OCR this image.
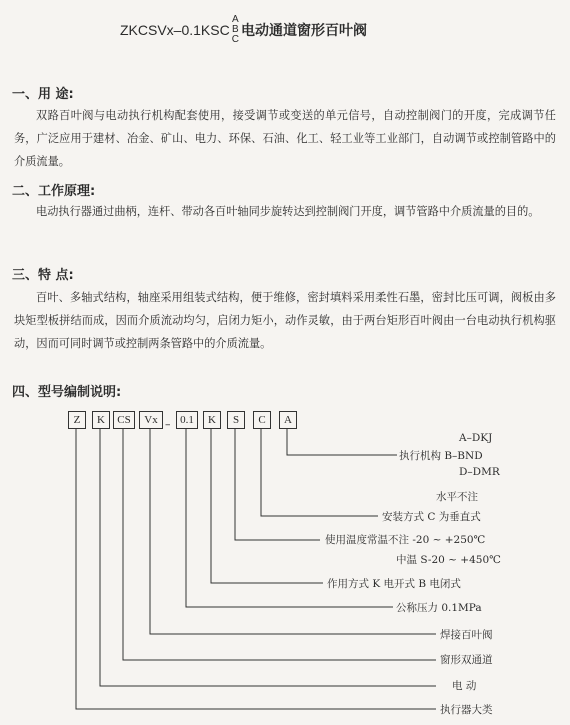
ZKCSVx–0.1KSC
A
B
C
电动通道窗形百叶阀
一、用 途:
双路百叶阀与电动执行机构配套使用，接受调节或变送的单元信号，自动控制阀门的开度，完成调节任务，广泛应用于建材、冶金、矿山、电力、环保、石油、化工、轻工业等工业部门，自动调节或控制管路中的介质流量。
二、工作原理:
电动执行器通过曲柄，连杆、带动各百叶轴同步旋转达到控制阀门开度，调节管路中介质流量的目的。
三、特 点:
百叶、多轴式结构，轴座采用组装式结构，便于维修，密封填料采用柔性石墨，密封比压可调，阀板由多块矩型板拼结而成，因而介质流动均匀，启闭力矩小，动作灵敏，由于两台矩形百叶阀由一台电动执行机构驱动，因而可同时调节或控制两条管路中的介质流量。
四、型号编制说明:
Z	K	CS	Vx – 0.1	K	S	C	A
A–DKJ
执行机构 B–BND
D–DMR
水平不注
安装方式 C 为垂直式
使用温度常温不注 -20 ~ +250℃
中温 S-20 ~ +450℃
作用方式 K 电开式 B 电闭式
公称压力 0.1MPa
焊接百叶阀
窗形双通道
电 动
执行器大类
